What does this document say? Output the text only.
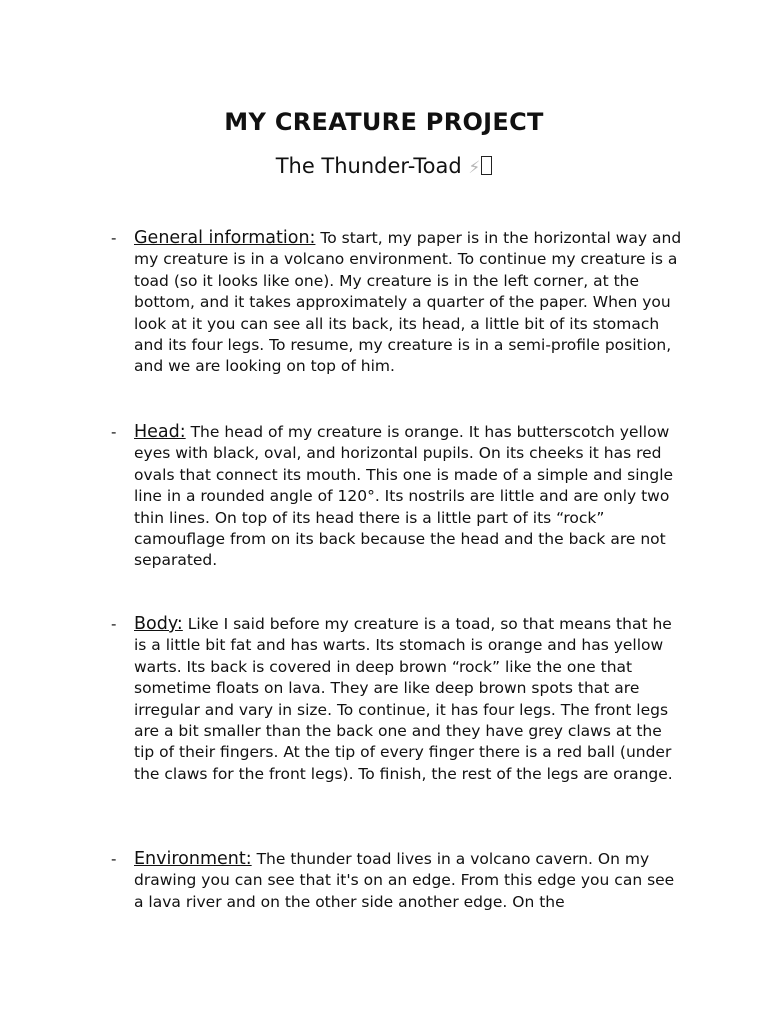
MY CREATURE PROJECT
The Thunder-Toad ⚡
- General information: To start, my paper is in the horizontal way and my creature is in a volcano environment. To continue my creature is a toad (so it looks like one). My creature is in the left corner, at the bottom, and it takes approximately a quarter of the paper. When you look at it you can see all its back, its head, a little bit of its stomach and its four legs. To resume, my creature is in a semi-profile position, and we are looking on top of him.
- Head: The head of my creature is orange. It has butterscotch yellow eyes with black, oval, and horizontal pupils. On its cheeks it has red ovals that connect its mouth. This one is made of a simple and single line in a rounded angle of 120°. Its nostrils are little and are only two thin lines. On top of its head there is a little part of its “rock” camouflage from on its back because the head and the back are not separated.
- Body: Like I said before my creature is a toad, so that means that he is a little bit fat and has warts. Its stomach is orange and has yellow warts. Its back is covered in deep brown “rock” like the one that sometime floats on lava. They are like deep brown spots that are irregular and vary in size. To continue, it has four legs. The front legs are a bit smaller than the back one and they have grey claws at the tip of their fingers. At the tip of every finger there is a red ball (under the claws for the front legs). To finish, the rest of the legs are orange.
- Environment: The thunder toad lives in a volcano cavern. On my drawing you can see that it's on an edge. From this edge you can see a lava river and on the other side another edge. On the
